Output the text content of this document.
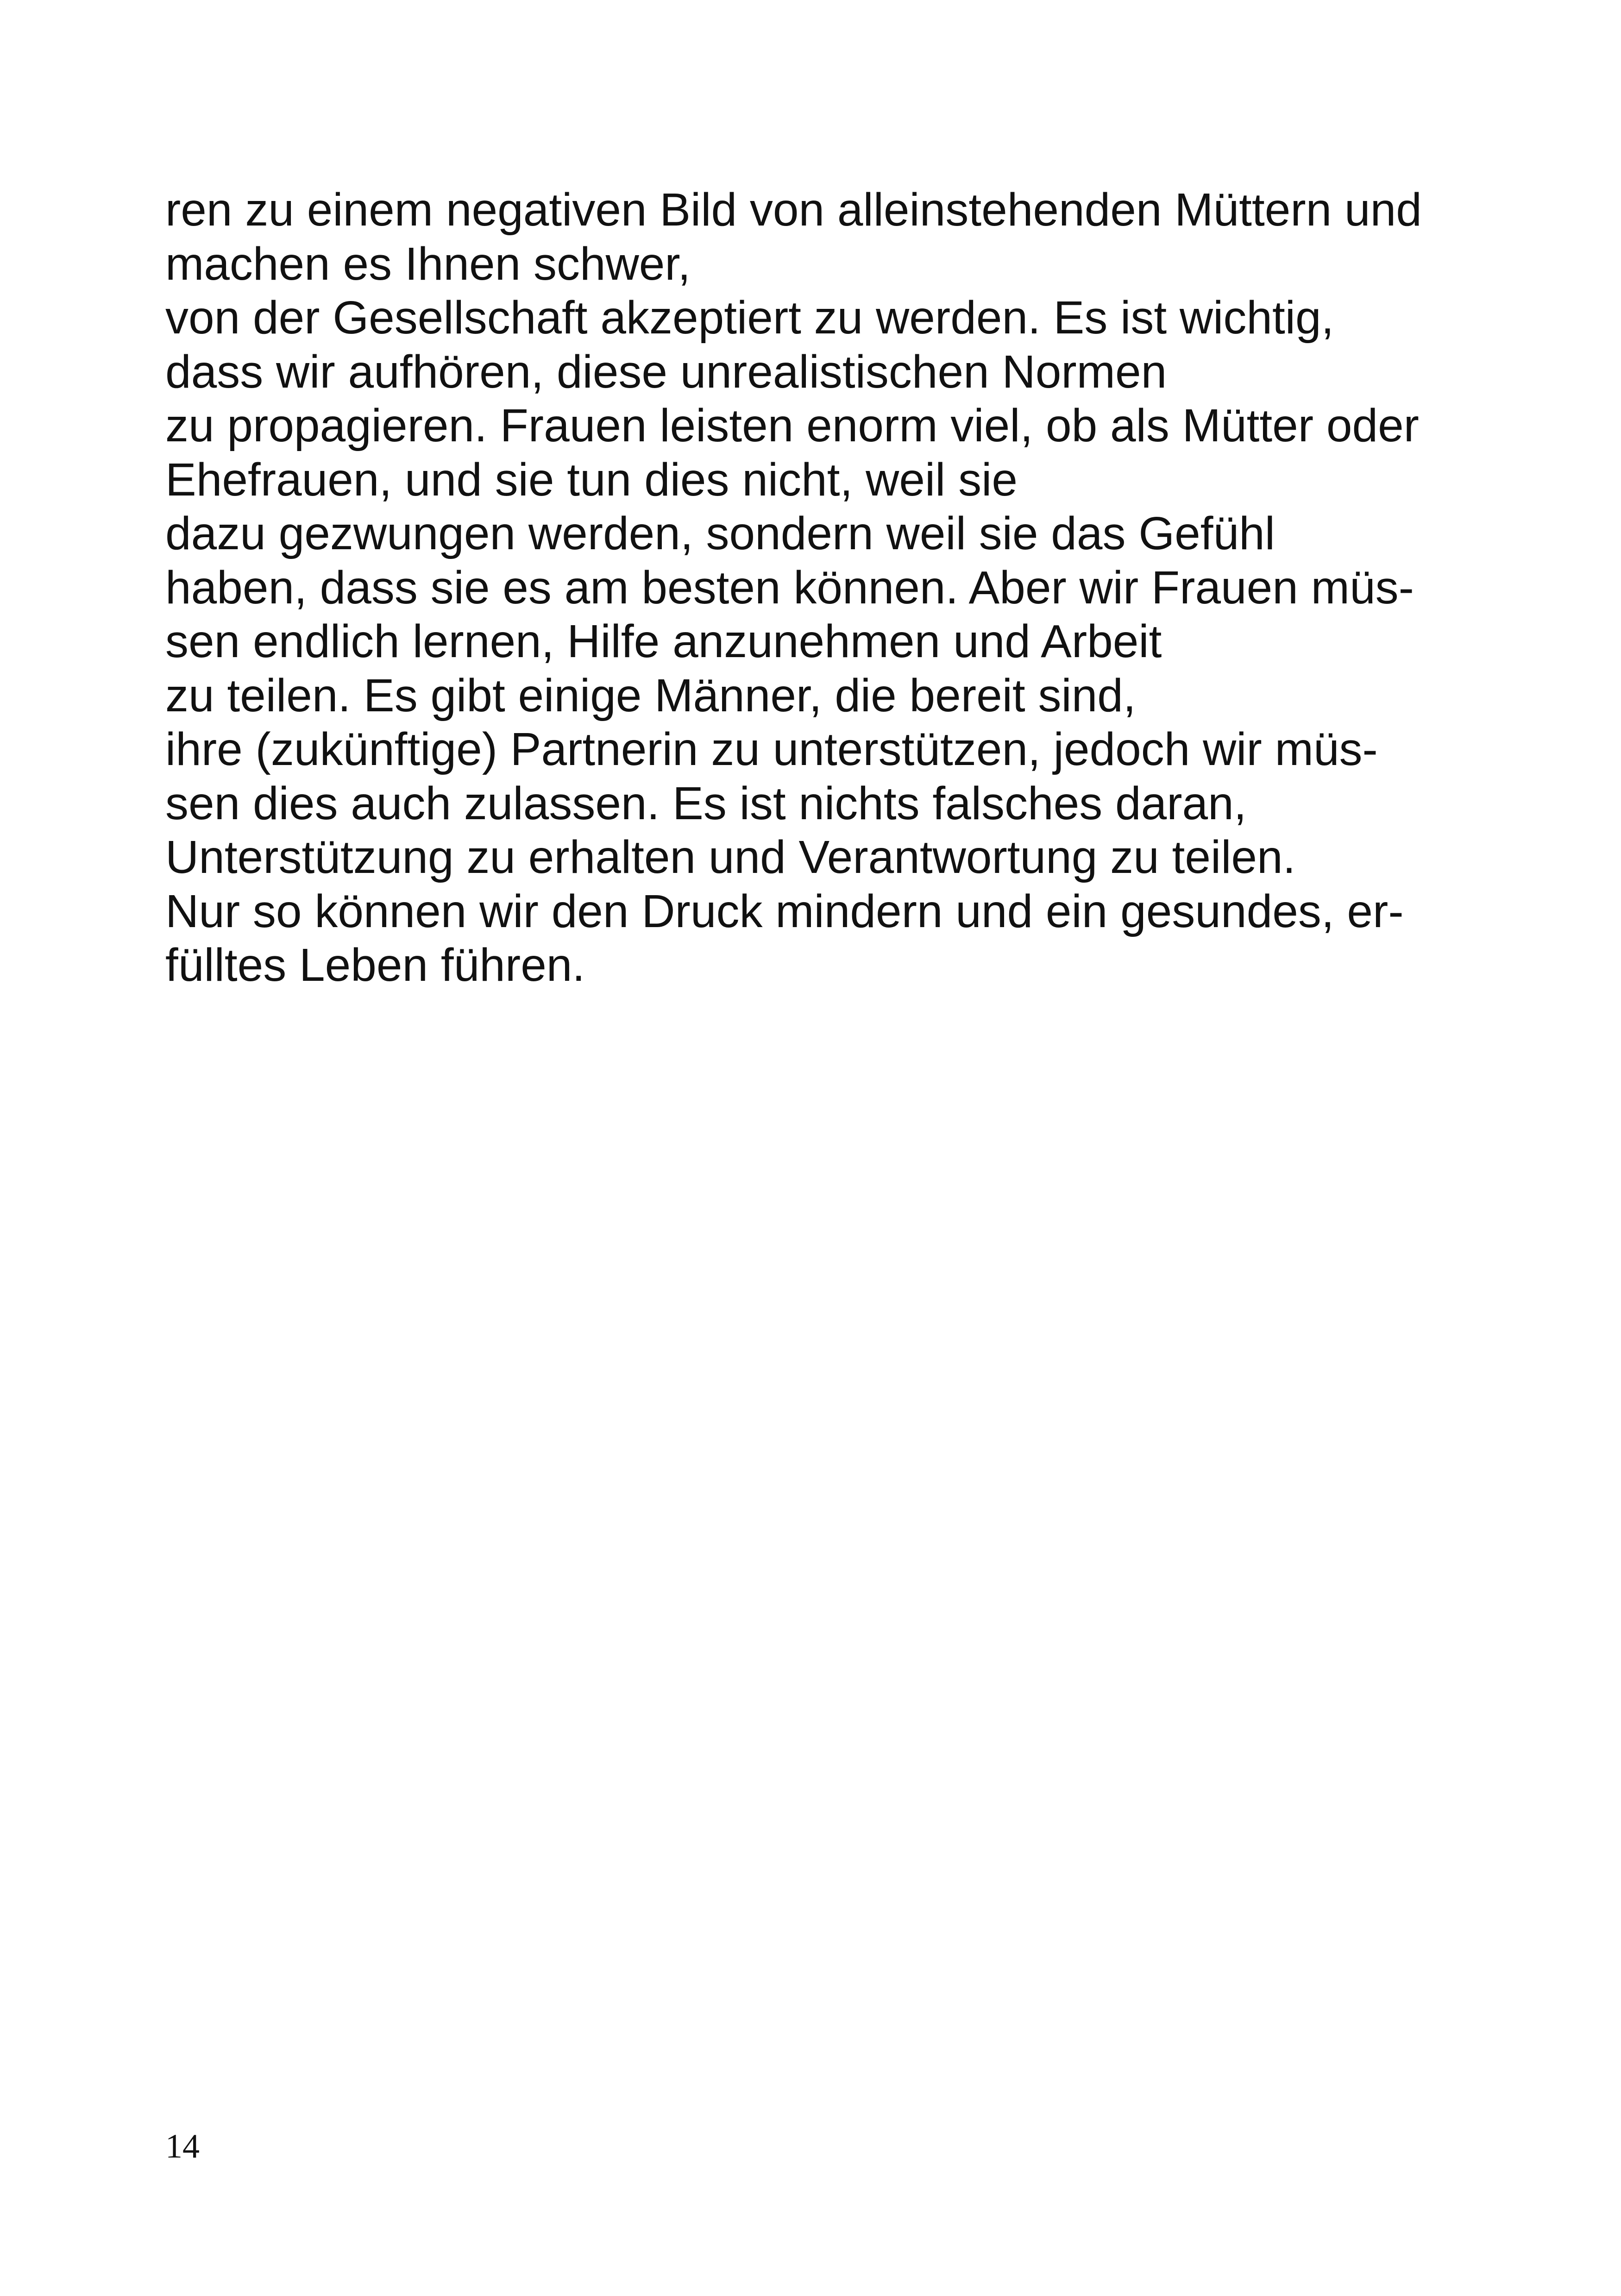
ren zu einem negativen Bild von alleinstehenden Müttern und
machen es Ihnen schwer,
von der Gesellschaft akzeptiert zu werden. Es ist wichtig,
dass wir aufhören, diese unrealistischen Normen
zu propagieren. Frauen leisten enorm viel, ob als Mütter oder
Ehefrauen, und sie tun dies nicht, weil sie
dazu gezwungen werden, sondern weil sie das Gefühl
haben, dass sie es am besten können. Aber wir Frauen müs-
sen endlich lernen, Hilfe anzunehmen und Arbeit
zu teilen. Es gibt einige Männer, die bereit sind,
ihre (zukünftige) Partnerin zu unterstützen, jedoch wir müs-
sen dies auch zulassen. Es ist nichts falsches daran,
Unterstützung zu erhalten und Verantwortung zu teilen.
Nur so können wir den Druck mindern und ein gesundes, er-
fülltes Leben führen.
14
